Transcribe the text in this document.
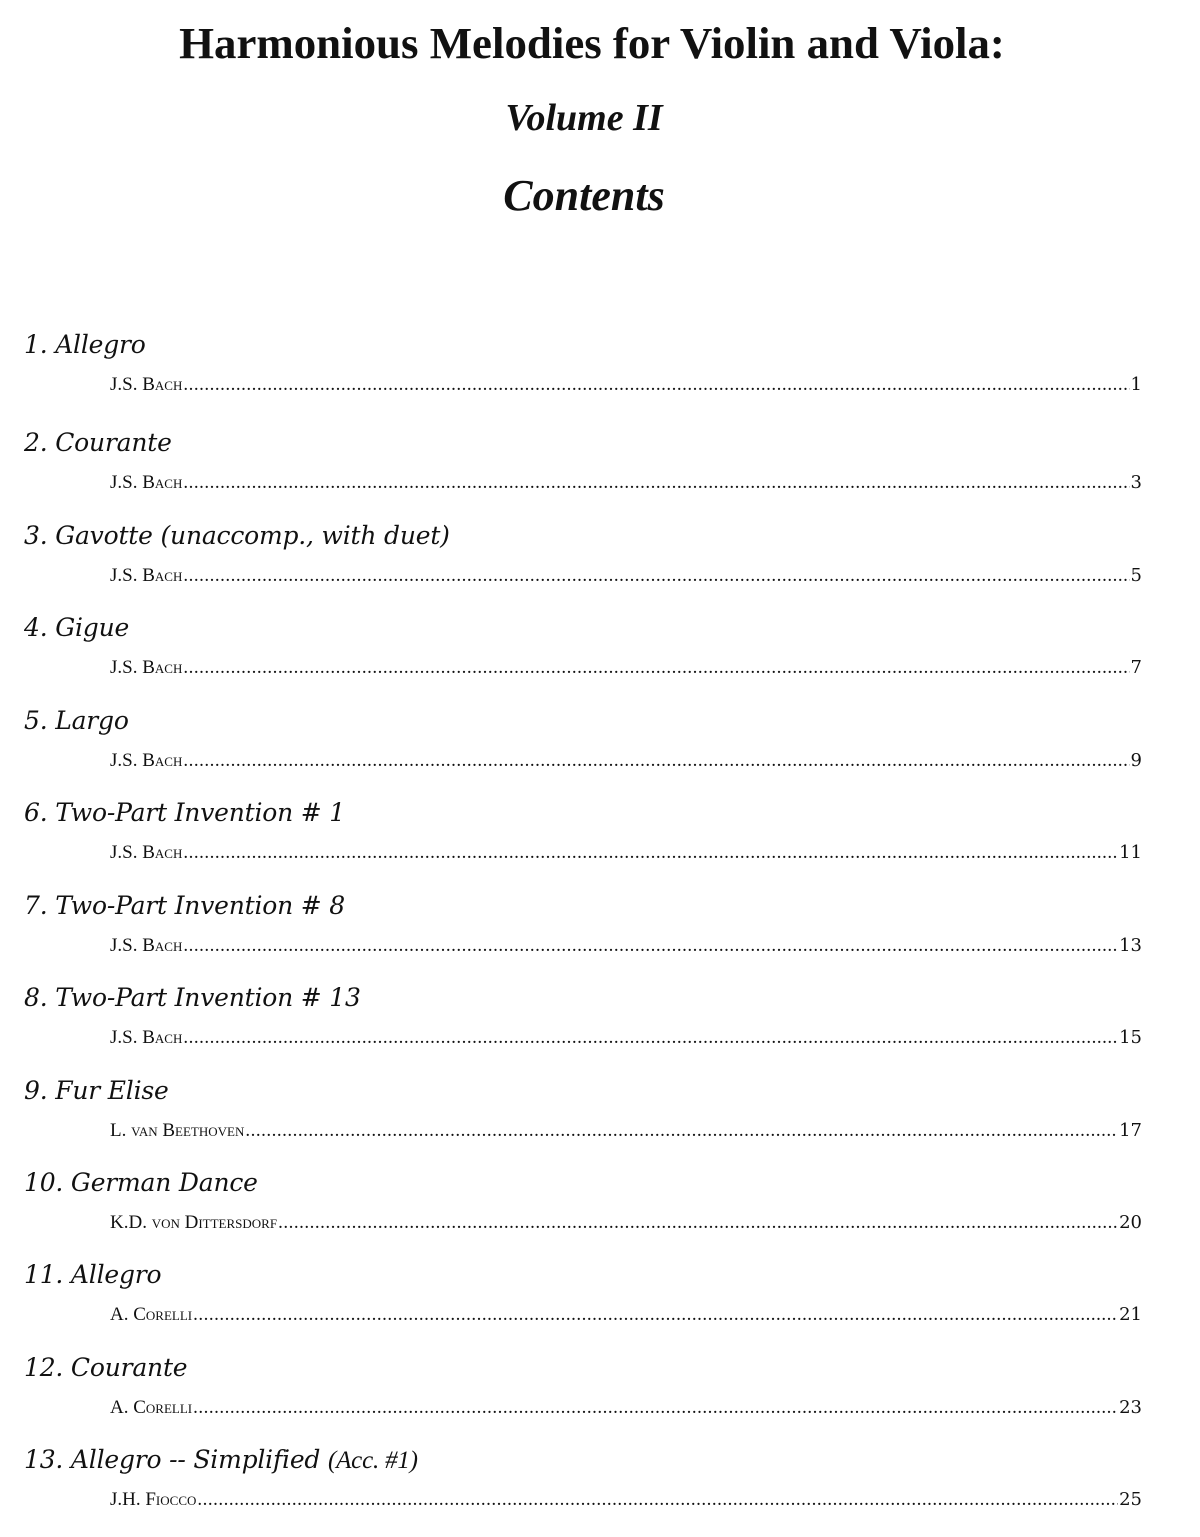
Harmonious Melodies for Violin and Viola:
Volume II
Contents
1. Allegro
J.S. Bach .....	1
2. Courante
J.S. Bach .....	3
3. Gavotte (unaccomp., with duet)
J.S. Bach .....	5
4. Gigue
J.S. Bach .....	7
5. Largo
J.S. Bach .....	9
6. Two-Part Invention # 1
J.S. Bach .....	11
7. Two-Part Invention # 8
J.S. Bach .....	13
8. Two-Part Invention # 13
J.S. Bach .....	15
9. Fur Elise
L. van Beethoven .....	17
10. German Dance
K.D. von Dittersdorf .....	20
11. Allegro
A. Corelli .....	21
12. Courante
A. Corelli .....	23
13. Allegro -- Simplified (Acc. #1)
J.H. Fiocco .....	25
